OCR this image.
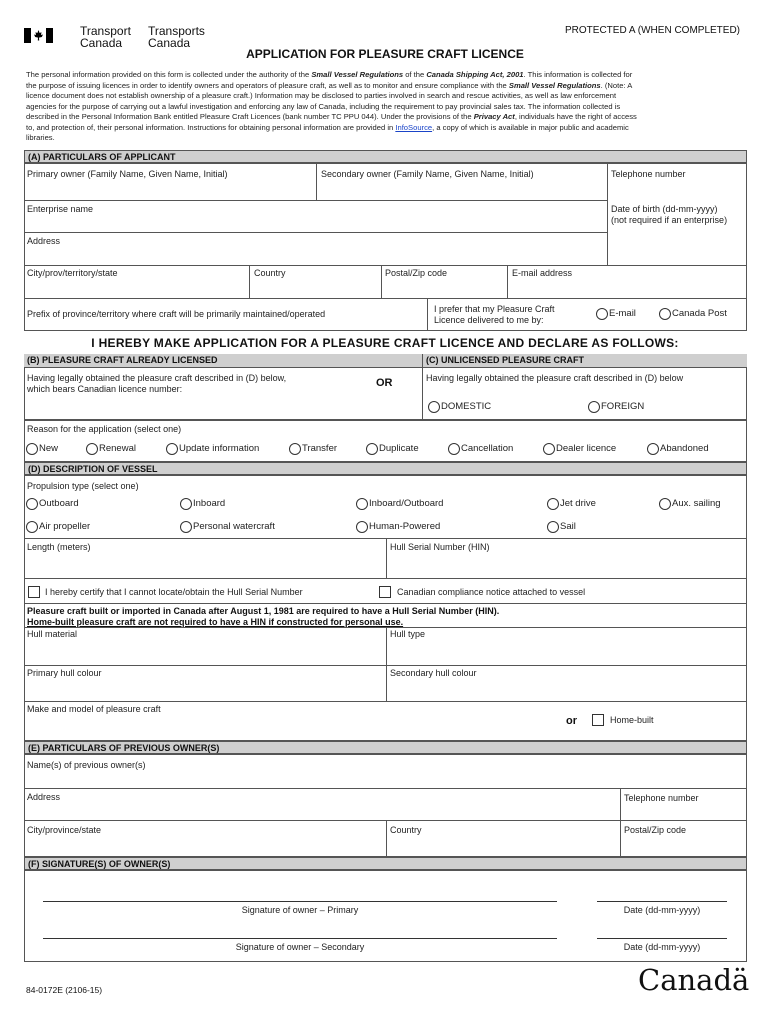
Transport
Canada
Transports
Canada
PROTECTED A (WHEN COMPLETED)
APPLICATION FOR PLEASURE CRAFT LICENCE
The personal information provided on this form is collected under the authority of the Small Vessel Regulations of the Canada Shipping Act, 2001. This information is collected for
the purpose of issuing licences in order to identify owners and operators of pleasure craft, as well as to monitor and ensure compliance with the Small Vessel Regulations. (Note: A
licence document does not establish ownership of a pleasure craft.) Information may be disclosed to parties involved in search and rescue activities, as well as law enforcement
agencies for the purpose of carrying out a lawful investigation and enforcing any law of Canada, including the requirement to pay provincial sales tax. The information collected is
described in the Personal Information Bank entitled Pleasure Craft Licences (bank number TC PPU 044). Under the provisions of the Privacy Act, individuals have the right of access
to, and protection of, their personal information. Instructions for obtaining personal information are provided in InfoSource, a copy of which is available in major public and academic
libraries.
(A) PARTICULARS OF APPLICANT
Primary owner (Family Name, Given Name, Initial)	Secondary owner (Family Name, Given Name, Initial)	Telephone number
Enterprise name	Date of birth (dd-mm-yyyy)
(not required if an enterprise)
Address
City/prov/territory/state	Country	Postal/Zip code	E-mail address
Prefix of province/territory where craft will be primarily maintained/operated	I prefer that my Pleasure Craft
Licence delivered to me by:
E-mail	Canada Post
I HEREBY MAKE APPLICATION FOR A PLEASURE CRAFT LICENCE AND DECLARE AS FOLLOWS:
(B) PLEASURE CRAFT ALREADY LICENSED	(C) UNLICENSED PLEASURE CRAFT
Having legally obtained the pleasure craft described in (D) below,
which bears Canadian licence number:	OR	Having legally obtained the pleasure craft described in (D) below
DOMESTIC	FOREIGN
Reason for the application (select one)
New	Renewal	Update information	Transfer	Duplicate	Cancellation	Dealer licence	Abandoned
(D) DESCRIPTION OF VESSEL
Propulsion type (select one)
Outboard	Inboard	Inboard/Outboard	Jet drive	Aux. sailing
Air propeller	Personal watercraft	Human-Powered	Sail
Length (meters)	Hull Serial Number (HIN)
I hereby certify that I cannot locate/obtain the Hull Serial Number	Canadian compliance notice attached to vessel
Pleasure craft built or imported in Canada after August 1, 1981 are required to have a Hull Serial Number (HIN).
Home-built pleasure craft are not required to have a HIN if constructed for personal use.
Hull material	Hull type
Primary hull colour	Secondary hull colour
Make and model of pleasure craft
or	Home-built
(E) PARTICULARS OF PREVIOUS OWNER(S)
Name(s) of previous owner(s)
Address	Telephone number
City/province/state	Country	Postal/Zip code
(F) SIGNATURE(S) OF OWNER(S)
Signature of owner – Primary	Date (dd-mm-yyyy)
Signature of owner – Secondary	Date (dd-mm-yyyy)
84-0172E (2106-15)	Canadä
